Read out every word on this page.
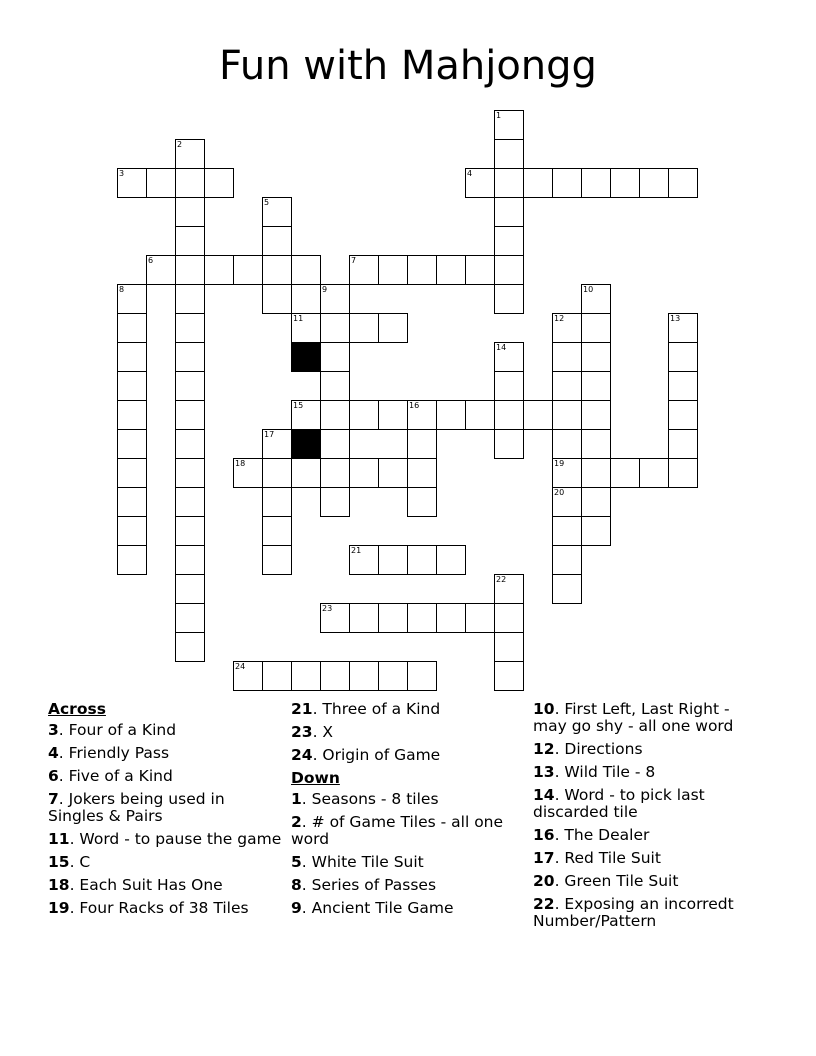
Fun with Mahjongg
1
2
3	4
5
6	7
8	9	10
11	12
19
13
14
15	16
17
18
20
21
22
23
24
Across
3. Four of a Kind
4. Friendly Pass
6. Five of a Kind
7. Jokers being used in Singles & Pairs
11. Word - to pause the game
15. C
18. Each Suit Has One
19. Four Racks of 38 Tiles
21. Three of a Kind
23. X
24. Origin of Game
Down
1. Seasons - 8 tiles
2. # of Game Tiles - all one word
5. White Tile Suit
8. Series of Passes
9. Ancient Tile Game
10. First Left, Last Right - may go shy - all one word
12. Directions
13. Wild Tile - 8
14. Word - to pick last discarded tile
16. The Dealer
17. Red Tile Suit
20. Green Tile Suit
22. Exposing an incorredt Number/Pattern
